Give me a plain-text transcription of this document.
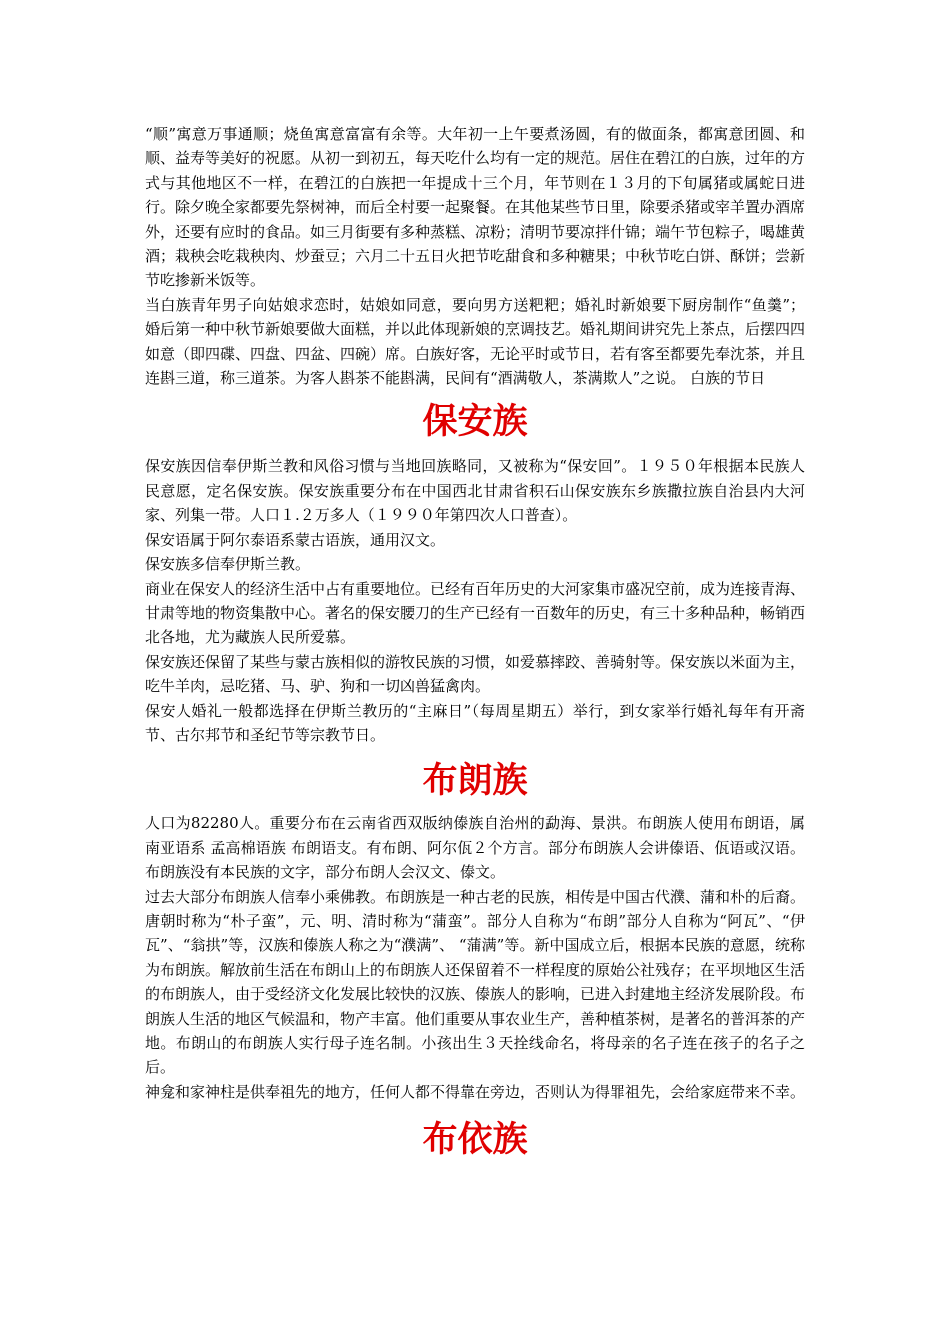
“顺”寓意万事通顺；烧鱼寓意富富有余等。大年初一上午要煮汤圆，有的做面条，都寓意团圆、和顺、益寿等美好的祝愿。从初一到初五，每天吃什么均有一定的规范。居住在碧江的白族，过年的方式与其他地区不一样，在碧江的白族把一年提成十三个月，年节则在１３月的下旬属猪或属蛇日进行。除夕晚全家都要先祭树神，而后全村要一起聚餐。在其他某些节日里，除要杀猪或宰羊置办酒席外，还要有应时的食品。如三月街要有多种蒸糕、凉粉；清明节要凉拌什锦；端午节包粽子，喝雄黄酒；栽秧会吃栽秧肉、炒蚕豆；六月二十五日火把节吃甜食和多种糖果；中秋节吃白饼、酥饼；尝新节吃掺新米饭等。

当白族青年男子向姑娘求恋时，姑娘如同意，要向男方送粑粑；婚礼时新娘要下厨房制作“鱼羹”；婚后第一种中秋节新娘要做大面糕，并以此体现新娘的烹调技艺。婚礼期间讲究先上茶点，后摆四四如意（即四碟、四盘、四盆、四碗）席。白族好客，无论平时或节日，若有客至都要先奉沈茶，并且连斟三道，称三道茶。为客人斟茶不能斟满，民间有“酒满敬人，茶满欺人”之说。 白族的节日

保安族

保安族因信奉伊斯兰教和风俗习惯与当地回族略同，又被称为“保安回”。１９５０年根据本民族人民意愿，定名保安族。保安族重要分布在中国西北甘肃省积石山保安族东乡族撒拉族自治县内大河家、列集一带。人口１.２万多人（１９９０年第四次人口普查）。

保安语属于阿尔泰语系蒙古语族，通用汉文。

保安族多信奉伊斯兰教。

商业在保安人的经济生活中占有重要地位。已经有百年历史的大河家集市盛况空前，成为连接青海、甘肃等地的物资集散中心。著名的保安腰刀的生产已经有一百数年的历史，有三十多种品种，畅销西北各地，尤为藏族人民所爱慕。

保安族还保留了某些与蒙古族相似的游牧民族的习惯，如爱慕摔跤、善骑射等。保安族以米面为主，吃牛羊肉，忌吃猪、马、驴、狗和一切凶兽猛禽肉。

保安人婚礼一般都选择在伊斯兰教历的“主麻日”（每周星期五）举行，到女家举行婚礼每年有开斋节、古尔邦节和圣纪节等宗教节日。

布朗族

人口为82280人。重要分布在云南省西双版纳傣族自治州的勐海、景洪。布朗族人使用布朗语，属南亚语系 孟高棉语族 布朗语支。有布朗、阿尔佤２个方言。部分布朗族人会讲傣语、佤语或汉语。 布朗族没有本民族的文字，部分布朗人会汉文、傣文。

过去大部分布朗族人信奉小乘佛教。布朗族是一种古老的民族，相传是中国古代濮、蒲和朴的后裔。唐朝时称为“朴子蛮”，元、明、清时称为“蒲蛮”。部分人自称为“布朗”部分人自称为“阿瓦”、“伊瓦”、“翁拱”等，汉族和傣族人称之为“濮满”、 “蒲满”等。新中国成立后，根据本民族的意愿，统称为布朗族。解放前生活在布朗山上的布朗族人还保留着不一样程度的原始公社残存；在平坝地区生活的布朗族人，由于受经济文化发展比较快的汉族、傣族人的影响，已进入封建地主经济发展阶段。布朗族人生活的地区气候温和，物产丰富。他们重要从事农业生产，善种植茶树，是著名的普洱茶的产地。布朗山的布朗族人实行母子连名制。小孩出生３天拴线命名，将母亲的名子连在孩子的名子之后。

神龛和家神柱是供奉祖先的地方，任何人都不得靠在旁边，否则认为得罪祖先，会给家庭带来不幸。

布依族
